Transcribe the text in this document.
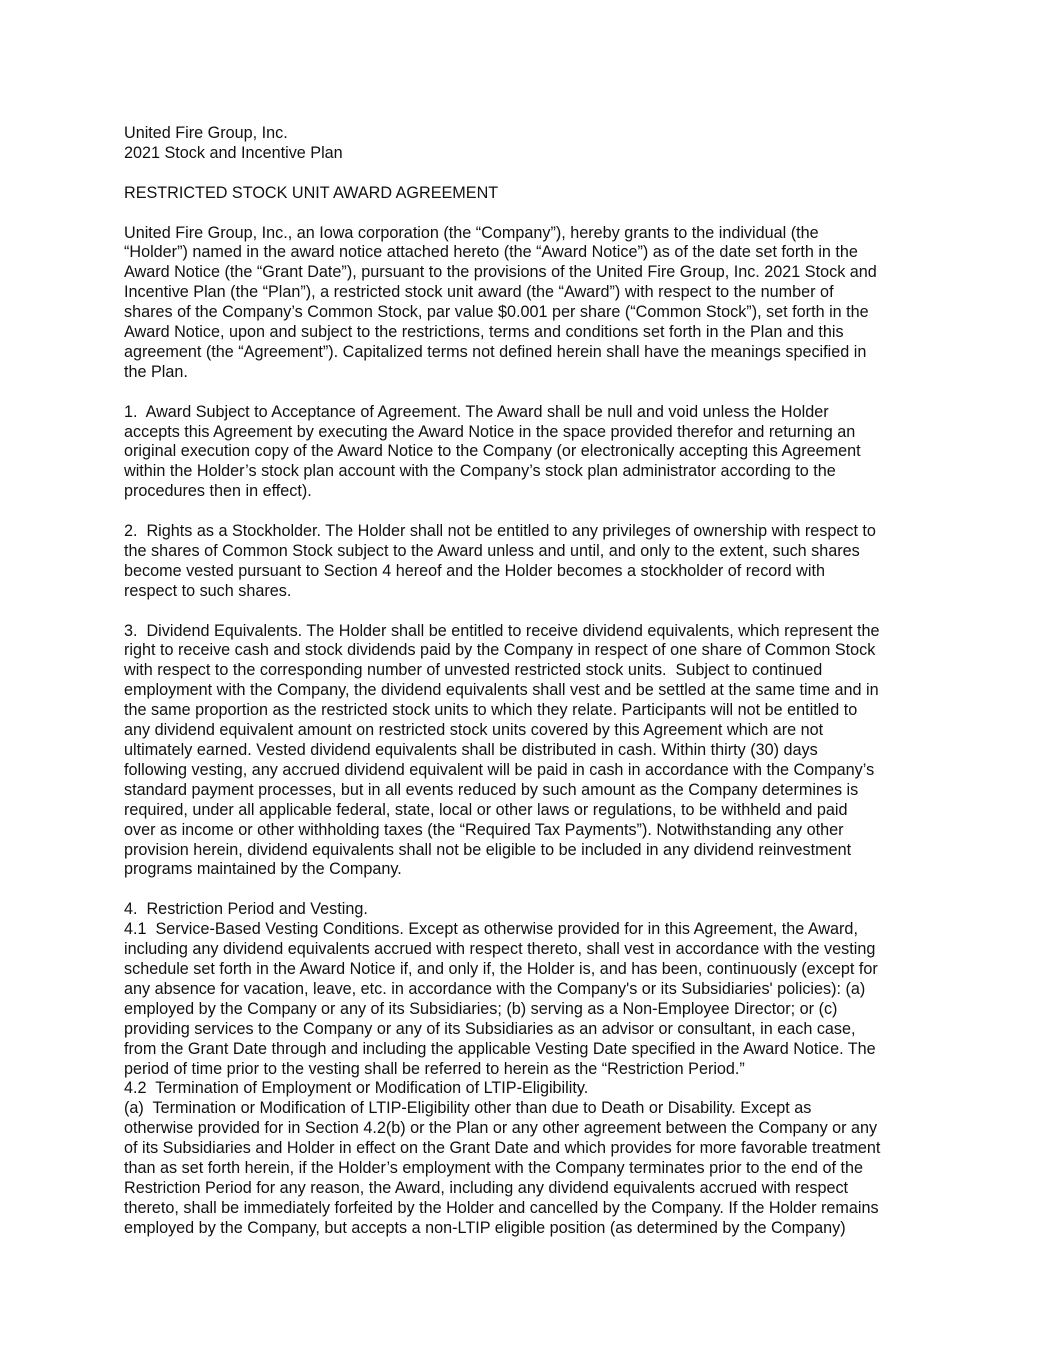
United Fire Group, Inc.
2021 Stock and Incentive Plan
RESTRICTED STOCK UNIT AWARD AGREEMENT
United Fire Group, Inc., an Iowa corporation (the “Company”), hereby grants to the individual (the
“Holder”) named in the award notice attached hereto (the “Award Notice”) as of the date set forth in the
Award Notice (the “Grant Date”), pursuant to the provisions of the United Fire Group, Inc. 2021 Stock and
Incentive Plan (the “Plan”), a restricted stock unit award (the “Award”) with respect to the number of
shares of the Company’s Common Stock, par value $0.001 per share (“Common Stock”), set forth in the
Award Notice, upon and subject to the restrictions, terms and conditions set forth in the Plan and this
agreement (the “Agreement”). Capitalized terms not defined herein shall have the meanings specified in
the Plan.
1.  Award Subject to Acceptance of Agreement. The Award shall be null and void unless the Holder
accepts this Agreement by executing the Award Notice in the space provided therefor and returning an
original execution copy of the Award Notice to the Company (or electronically accepting this Agreement
within the Holder’s stock plan account with the Company’s stock plan administrator according to the
procedures then in effect).
2.  Rights as a Stockholder. The Holder shall not be entitled to any privileges of ownership with respect to
the shares of Common Stock subject to the Award unless and until, and only to the extent, such shares
become vested pursuant to Section 4 hereof and the Holder becomes a stockholder of record with
respect to such shares.
3.  Dividend Equivalents. The Holder shall be entitled to receive dividend equivalents, which represent the
right to receive cash and stock dividends paid by the Company in respect of one share of Common Stock
with respect to the corresponding number of unvested restricted stock units.  Subject to continued
employment with the Company, the dividend equivalents shall vest and be settled at the same time and in
the same proportion as the restricted stock units to which they relate. Participants will not be entitled to
any dividend equivalent amount on restricted stock units covered by this Agreement which are not
ultimately earned. Vested dividend equivalents shall be distributed in cash. Within thirty (30) days
following vesting, any accrued dividend equivalent will be paid in cash in accordance with the Company’s
standard payment processes, but in all events reduced by such amount as the Company determines is
required, under all applicable federal, state, local or other laws or regulations, to be withheld and paid
over as income or other withholding taxes (the “Required Tax Payments”). Notwithstanding any other
provision herein, dividend equivalents shall not be eligible to be included in any dividend reinvestment
programs maintained by the Company.
4.  Restriction Period and Vesting.
4.1  Service-Based Vesting Conditions. Except as otherwise provided for in this Agreement, the Award,
including any dividend equivalents accrued with respect thereto, shall vest in accordance with the vesting
schedule set forth in the Award Notice if, and only if, the Holder is, and has been, continuously (except for
any absence for vacation, leave, etc. in accordance with the Company's or its Subsidiaries' policies): (a)
employed by the Company or any of its Subsidiaries; (b) serving as a Non-Employee Director; or (c)
providing services to the Company or any of its Subsidiaries as an advisor or consultant, in each case,
from the Grant Date through and including the applicable Vesting Date specified in the Award Notice. The
period of time prior to the vesting shall be referred to herein as the “Restriction Period.”
4.2  Termination of Employment or Modification of LTIP-Eligibility.
(a)  Termination or Modification of LTIP-Eligibility other than due to Death or Disability. Except as
otherwise provided for in Section 4.2(b) or the Plan or any other agreement between the Company or any
of its Subsidiaries and Holder in effect on the Grant Date and which provides for more favorable treatment
than as set forth herein, if the Holder’s employment with the Company terminates prior to the end of the
Restriction Period for any reason, the Award, including any dividend equivalents accrued with respect
thereto, shall be immediately forfeited by the Holder and cancelled by the Company. If the Holder remains
employed by the Company, but accepts a non-LTIP eligible position (as determined by the Company)
